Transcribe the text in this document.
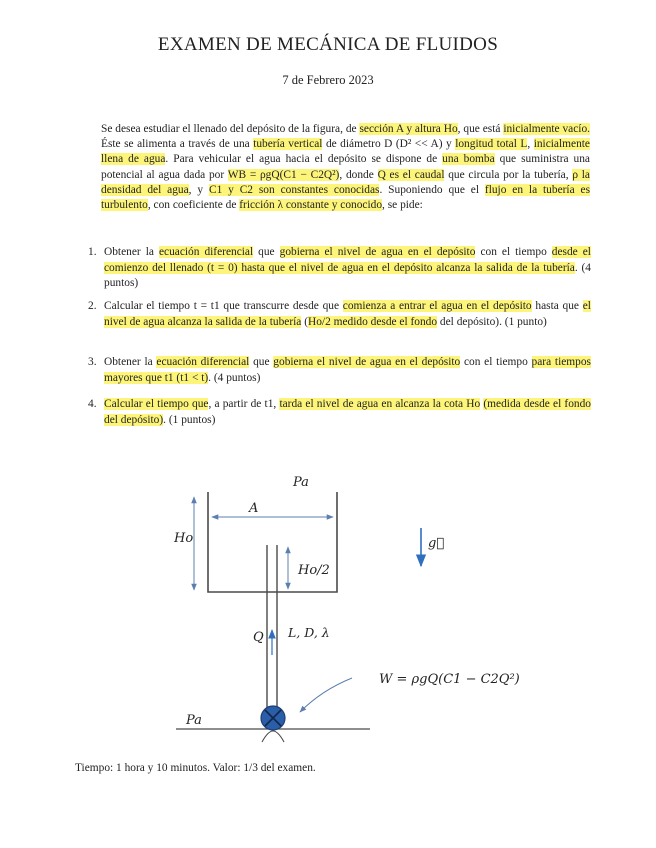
EXAMEN DE MECÁNICA DE FLUIDOS
7 de Febrero 2023

Se desea estudiar el llenado del depósito de la figura, de sección A y altura Ho, que está inicialmente vacío. Éste se alimenta a través de una tubería vertical de diámetro D (D² << A) y longitud total L, inicialmente llena de agua. Para vehicular el agua hacia el depósito se dispone de una bomba que suministra una potencial al agua dada por WB = ρgQ(C1 − C2Q²), donde Q es el caudal que circula por la tubería, ρ la densidad del agua, y C1 y C2 son constantes conocidas. Suponiendo que el flujo en la tubería es turbulento, con coeficiente de fricción λ constante y conocido, se pide:

1. Obtener la ecuación diferencial que gobierna el nivel de agua en el depósito con el tiempo desde el comienzo del llenado (t = 0) hasta que el nivel de agua en el depósito alcanza la salida de la tubería. (4 puntos)
2. Calcular el tiempo t = t1 que transcurre desde que comienza a entrar el agua en el depósito hasta que el nivel de agua alcanza la salida de la tubería (Ho/2 medido desde el fondo del depósito). (1 punto)
3. Obtener la ecuación diferencial que gobierna el nivel de agua en el depósito con el tiempo para tiempos mayores que t1 (t1 < t). (4 puntos)
4. Calcular el tiempo que, a partir de t1, tarda el nivel de agua en alcanza la cota Ho (medida desde el fondo del depósito). (1 puntos)
Pa
A
Ho
Ho/2
g⃗
Q L, D, λ
W = ρgQ(C1 − C2Q²)
Pa
Tiempo: 1 hora y 10 minutos. Valor: 1/3 del examen.
